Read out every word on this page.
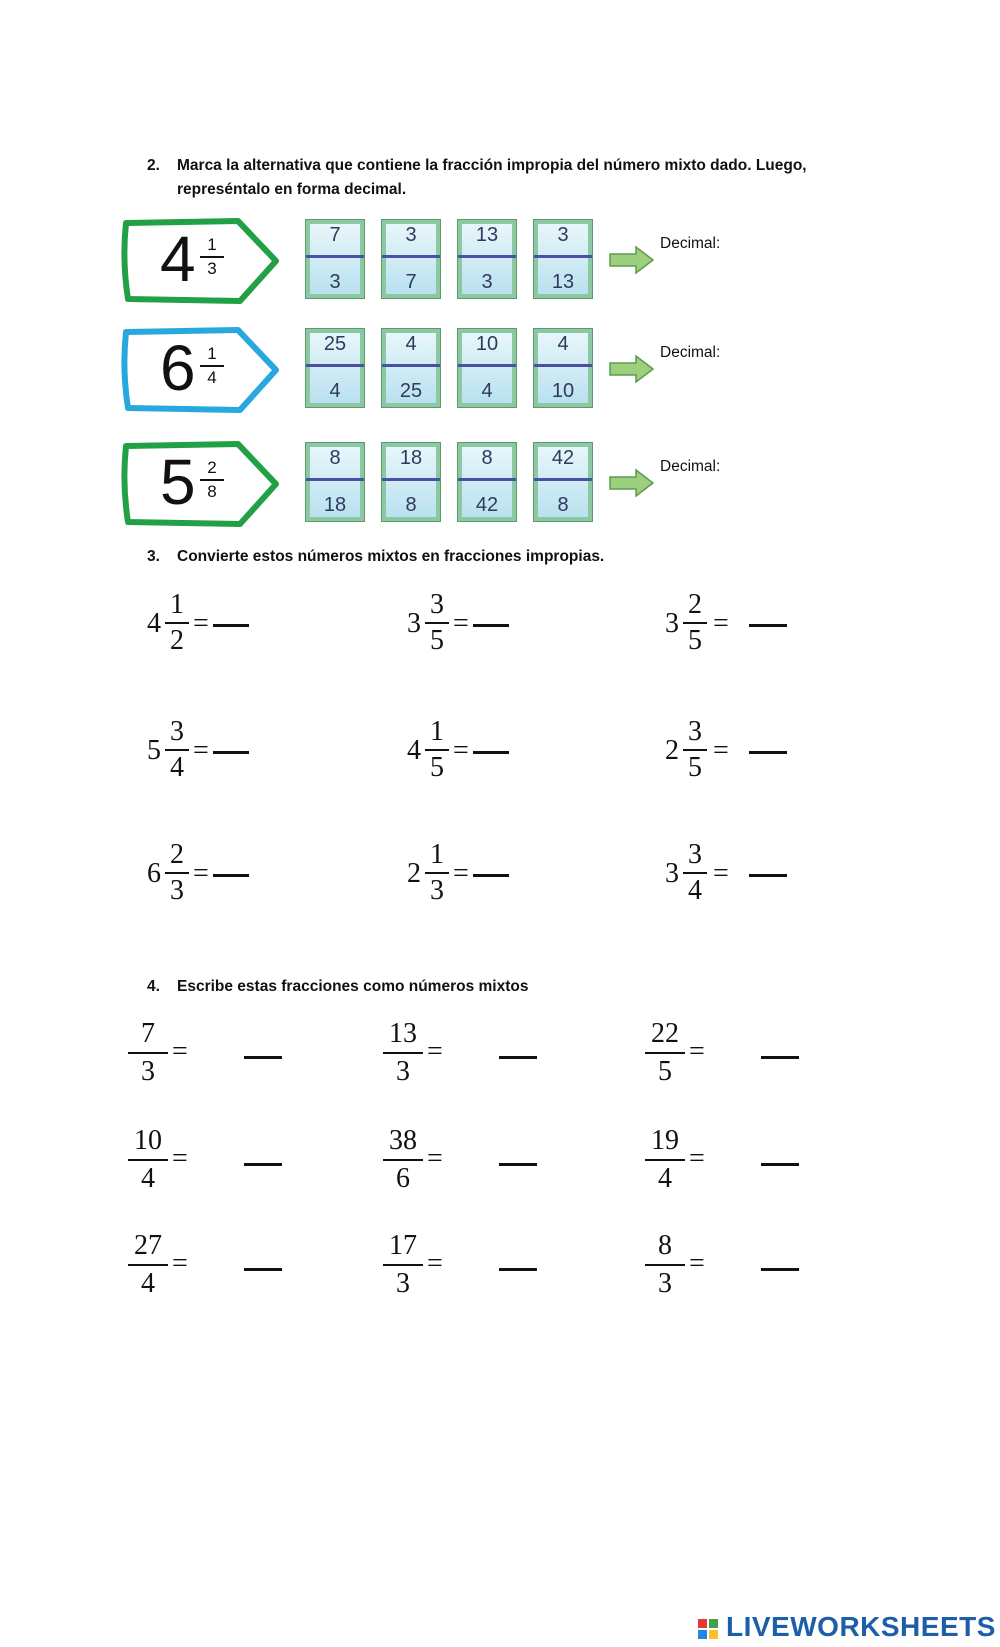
2.	Marca la alternativa que contiene la fracción impropia del número mixto dado. Luego, represéntalo en forma decimal.
4 1
3
7
3
3
7
13
3
3
13
Decimal:
6 1
4
25
4
4
25
10
4
4
10
Decimal:
5 2
8
8
18
18
8
8
42
42
8
Decimal:
3.	Convierte estos números mixtos en fracciones impropias.
4
1
2
=	3
3
5
=	3
2
5
=
5
3
4
=	4
1
5
=	2
3
5
=
6
2
3
=	2
1
3
=	3
3
4
=
4.	Escribe estas fracciones como números mixtos
7
3
=
13
3
=
22
5
=
10
4
=
38
6
=
19
4
=
27
4
=
17
3
=
8
3
=
LIVEWORKSHEETS
